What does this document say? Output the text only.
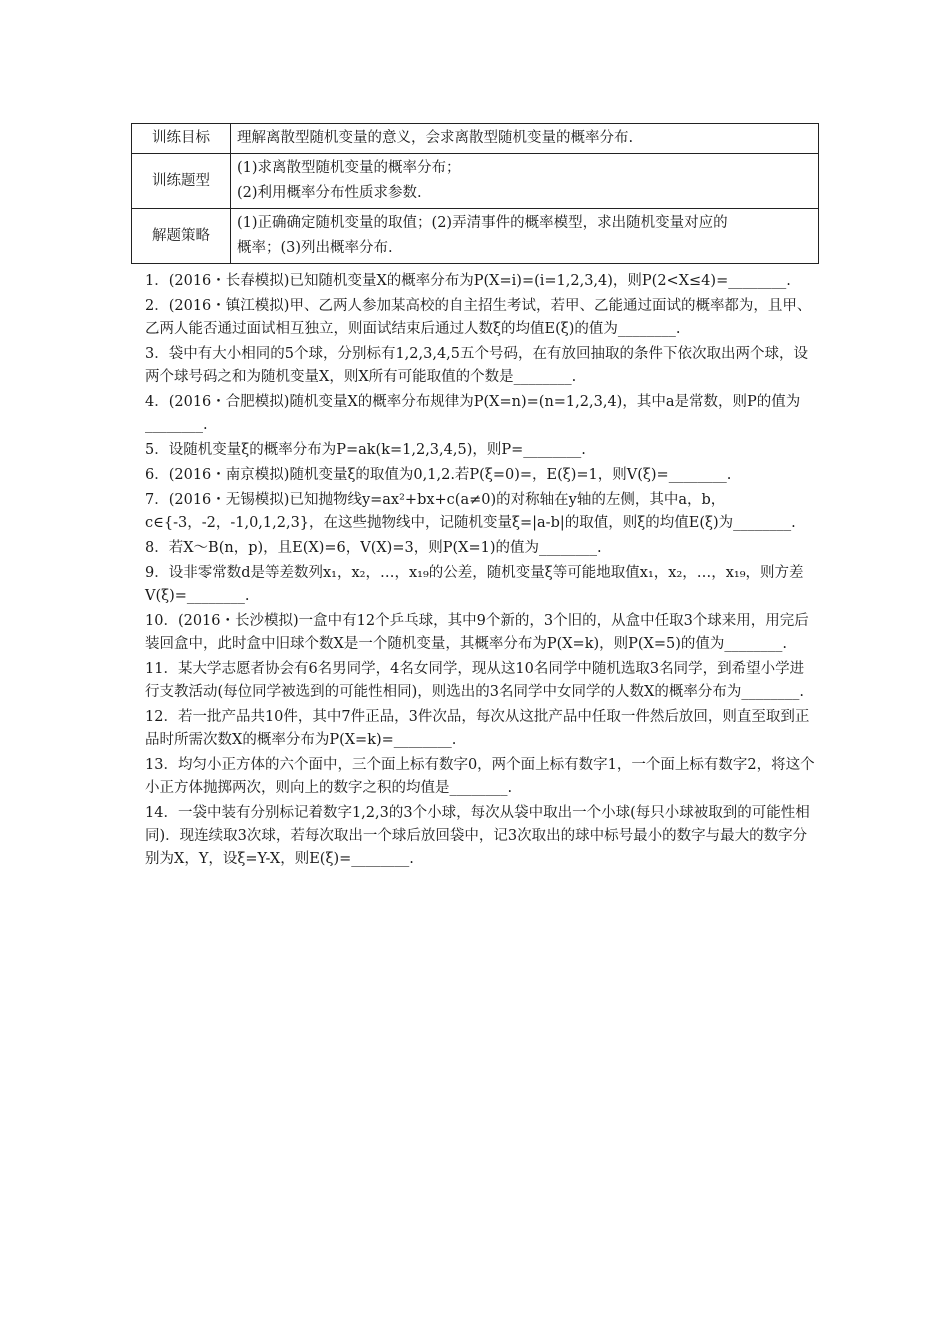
训练目标	理解离散型随机变量的意义，会求离散型随机变量的概率分布.

训练题型	(1)求离散型随机变量的概率分布；
(2)利用概率分布性质求参数.

解题策略	(1)正确确定随机变量的取值；(2)弄清事件的概率模型，求出随机变量对应的
概率；(3)列出概率分布.

1．(2016・长春模拟)已知随机变量X的概率分布为P(X=i)=(i=1,2,3,4)，则P(2<X≤4)=________.

2．(2016・镇江模拟)甲、乙两人参加某高校的自主招生考试，若甲、乙能通过面试的概率都为，且甲、乙两人能否通过面试相互独立，则面试结束后通过人数ξ的均值E(ξ)的值为________.

3．袋中有大小相同的5个球，分别标有1,2,3,4,5五个号码，在有放回抽取的条件下依次取出两个球，设两个球号码之和为随机变量X，则X所有可能取值的个数是________.

4．(2016・合肥模拟)随机变量X的概率分布规律为P(X=n)=(n=1,2,3,4)，其中a是常数，则P的值为________.

5．设随机变量ξ的概率分布为P=ak(k=1,2,3,4,5)，则P=________.

6．(2016・南京模拟)随机变量ξ的取值为0,1,2.若P(ξ=0)=，E(ξ)=1，则V(ξ)=________.

7．(2016・无锡模拟)已知抛物线y=ax²+bx+c(a≠0)的对称轴在y轴的左侧，其中a，b，c∈{-3，-2，-1,0,1,2,3}，在这些抛物线中，记随机变量ξ=|a-b|的取值，则ξ的均值E(ξ)为________.

8．若X～B(n，p)，且E(X)=6，V(X)=3，则P(X=1)的值为________.

9．设非零常数d是等差数列x₁，x₂，…，x₁₉的公差，随机变量ξ等可能地取值x₁，x₂，…，x₁₉，则方差V(ξ)=________.

10．(2016・长沙模拟)一盒中有12个乒乓球，其中9个新的，3个旧的，从盒中任取3个球来用，用完后装回盒中，此时盒中旧球个数X是一个随机变量，其概率分布为P(X=k)，则P(X=5)的值为________.

11．某大学志愿者协会有6名男同学，4名女同学，现从这10名同学中随机选取3名同学，到希望小学进行支教活动(每位同学被选到的可能性相同)，则选出的3名同学中女同学的人数X的概率分布为________.

12．若一批产品共10件，其中7件正品，3件次品，每次从这批产品中任取一件然后放回，则直至取到正品时所需次数X的概率分布为P(X=k)=________.

13．均匀小正方体的六个面中，三个面上标有数字0，两个面上标有数字1，一个面上标有数字2，将这个小正方体抛掷两次，则向上的数字之积的均值是________.

14．一袋中装有分别标记着数字1,2,3的3个小球，每次从袋中取出一个小球(每只小球被取到的可能性相同)．现连续取3次球，若每次取出一个球后放回袋中，记3次取出的球中标号最小的数字与最大的数字分别为X，Y，设ξ=Y-X，则E(ξ)=________.
